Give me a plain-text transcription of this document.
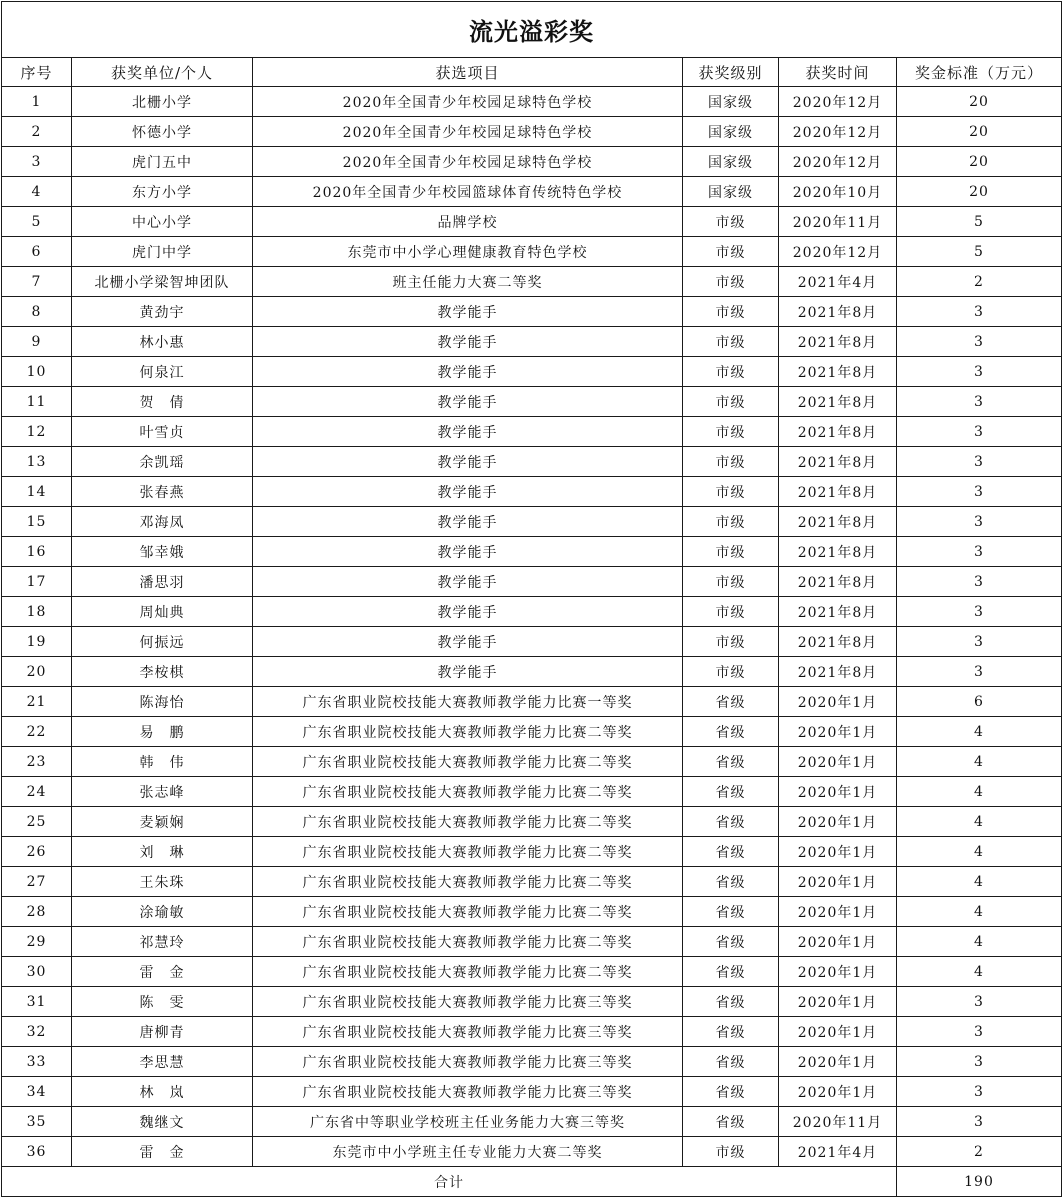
流光溢彩奖					
序号	获奖单位/个人	获选项目	获奖级别	获奖时间	奖金标准（万元）
1	北栅小学	2020年全国青少年校园足球特色学校	国家级	2020年12月	20
2	怀德小学	2020年全国青少年校园足球特色学校	国家级	2020年12月	20
3	虎门五中	2020年全国青少年校园足球特色学校	国家级	2020年12月	20
4	东方小学	2020年全国青少年校园篮球体育传统特色学校	国家级	2020年10月	20
5	中心小学	品牌学校	市级	2020年11月	5
6	虎门中学	东莞市中小学心理健康教育特色学校	市级	2020年12月	5
7	北栅小学梁智坤团队	班主任能力大赛二等奖	市级	2021年4月	2
8	黄劲宇	教学能手	市级	2021年8月	3
9	林小惠	教学能手	市级	2021年8月	3
10	何泉江	教学能手	市级	2021年8月	3
11	贺　倩	教学能手	市级	2021年8月	3
12	叶雪贞	教学能手	市级	2021年8月	3
13	余凯瑶	教学能手	市级	2021年8月	3
14	张春燕	教学能手	市级	2021年8月	3
15	邓海凤	教学能手	市级	2021年8月	3
16	邹幸娥	教学能手	市级	2021年8月	3
17	潘思羽	教学能手	市级	2021年8月	3
18	周灿典	教学能手	市级	2021年8月	3
19	何振远	教学能手	市级	2021年8月	3
20	李桉棋	教学能手	市级	2021年8月	3
21	陈海怡	广东省职业院校技能大赛教师教学能力比赛一等奖	省级	2020年1月	6
22	易　鹏	广东省职业院校技能大赛教师教学能力比赛二等奖	省级	2020年1月	4
23	韩　伟	广东省职业院校技能大赛教师教学能力比赛二等奖	省级	2020年1月	4
24	张志峰	广东省职业院校技能大赛教师教学能力比赛二等奖	省级	2020年1月	4
25	麦颖娴	广东省职业院校技能大赛教师教学能力比赛二等奖	省级	2020年1月	4
26	刘　琳	广东省职业院校技能大赛教师教学能力比赛二等奖	省级	2020年1月	4
27	王朱珠	广东省职业院校技能大赛教师教学能力比赛二等奖	省级	2020年1月	4
28	涂瑜敏	广东省职业院校技能大赛教师教学能力比赛二等奖	省级	2020年1月	4
29	祁慧玲	广东省职业院校技能大赛教师教学能力比赛二等奖	省级	2020年1月	4
30	雷　金	广东省职业院校技能大赛教师教学能力比赛二等奖	省级	2020年1月	4
31	陈　雯	广东省职业院校技能大赛教师教学能力比赛三等奖	省级	2020年1月	3
32	唐柳青	广东省职业院校技能大赛教师教学能力比赛三等奖	省级	2020年1月	3
33	李思慧	广东省职业院校技能大赛教师教学能力比赛三等奖	省级	2020年1月	3
34	林　岚	广东省职业院校技能大赛教师教学能力比赛三等奖	省级	2020年1月	3
35	魏继文	广东省中等职业学校班主任业务能力大赛三等奖	省级	2020年11月	3
36	雷　金	东莞市中小学班主任专业能力大赛二等奖	市级	2021年4月	2
合计					190
